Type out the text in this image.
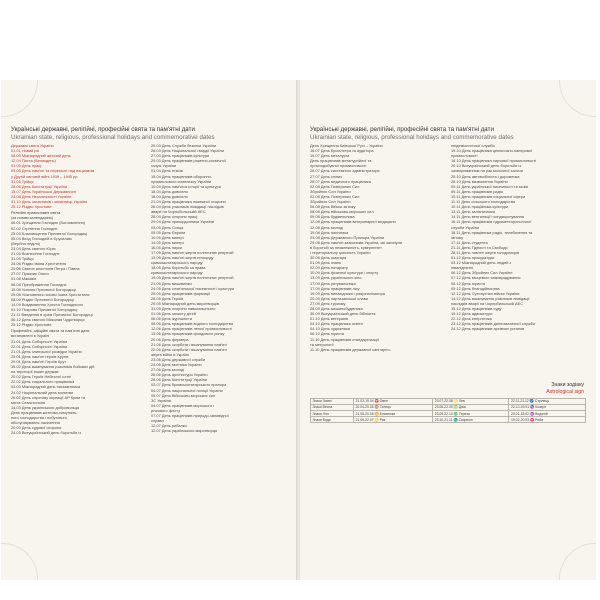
Українські державні, релігійні, професійні свята та пам'ятні дати
Ukrainian state, religious, professional holidays and commemorative dates
Державні свята України
01.01 Новий рік
08.03 Міжнародний жіночий день
12.04 Пасха (Великдень)
01.05 День праці
09.05 День пам'яті та перемоги над нацизмом
у Другій світовій війні 1939 – 1945 рр.
31.05 Трійця
28.06 День Конституції України
15.07 День Української Державності
24.08 День Незалежності України
01.10 День захисників і захисниць України
25.12 Різдво Христове
Релігійні православні свята
(за новим календарем)
06.01 Хрещення Господнє (Богоявлення)
02.02 Стрітення Господнє
25.03 Благовіщення Пресвятої Богородиці
05.04 Вход Господній в Єрусалим
(Вербна неділя)
23.04 День святого Юрія
21.05 Вознесіння Господнє
31.05 Трійця
24.06 Різдво Івана Хрестителя
29.06 Святих апостолів Петра і Павла
27.07 Празник Ольги
01.08 Маковія
06.08 Преображення Господнє
15.08 Успіння Пресвятої Богородиці
29.08 Усікновення голови Іоана Хрестителя
08.09 Різдво Пресвятої Богородиці
14.09 Воздвиження Хреста Господнього
01.10 Покрова Пресвятої Богородиці
21.11 Введення в храм Пресвятої Богородиці
06.12 День святого Миколая Чудотворця
25.12 Різдво Христове
Професійні, офіційні свята та пам'ятні дати,
встановлені в Україні
21.01 День Соборності України
22.01 День Соборності України
21.01 День злиношхої розвідки України
29.01 День пам'яті героїв Крутів
29.01 День пам'яті Героїв Крут
15.02 День вшанування учасників бойових дій
на території інших держав
20.02 День Героїв Небесної сотні
22.02 День соціального працівника
03.03 Міжнародний день письменника
24.02 Національний день молитви
26.02 День спротиву окупації АР Крим та
міста Севастополя
14.03 День українського добровольця
День працівників житлово-комуналь-
ного господарства і побутового
обслуговування населення
20.03 День судової охорони
24.03 Всеукраїнський день боротьби із
25.03 День Служби безпеки України
26.03 День Національної гвардії України
27.03 День працівників культури
29.03 День працівників ракетно-космічної
галузі України
01.04 День птахів
15.04 День працівників оборонно-
промислового комплексу України
10.04 День пам'яток історії та культури
18.04 День довкілля
18.04 День довкілля
21.04 День працівника пожежної охорони
26.04 День учасників ліквідації наслідків
аварії на Чорнобильській АЕС
28.04 День охорони праці
29.04 День прикордонника України
03.05 День Сонця
05.05 День Європи
10.05 День матері
14.05 День матері
16.05 День науки
17.05 День пам'яті жертв політичних репресій
13.05 День пам'яті жертв геноциду
кримськотатарського народу
18.05 День боротьби за права
кримськотатарського народу
19.05 День пам'яті жертв політичних репресій
21.05 День вишиванки
24.05 День слов'янської писемності і культури
25.05 День працівників фармації
28.05 День Героїв
29.05 Міжнародний день миротворців
31.05 День охорони навколишнього
01.06 День захисту дітей
06.06 День журналіста
08.06 День працівників водного господарства
12.06 День працівників легкої промисловості
13.06 День працівників фондового ринку
20.06 День фермера
21.06 День скорботи і вшанування пам'яті
22.06 День скорботи і вшанування пам'яті
жертв війни в Україні
23.06 День державної служби
24.06 День митника України
27.06 День молоді
28.06 День архітектури України
28.06 День Конституції України
03.07 День Кримськотатарського прапора
04.07 День національної поліції України
05.07 День Військово-морських сил
ЗС України
04.07 День працівників морського і
річкового флоту
07.07 День працівників природо-заповідної
справи
12.07 День рибалки
12.07 День українського миротворця
Українські державні, релігійні, професійні свята та пам'ятні дати
Ukrainian state, religious, professional holidays and commemorative dates
День Хрещення Київської Русі – України
16.07 День бухгалтера та аудитора
19.07 День металурга
День працівників металургійної та
гірничодобувної промисловості
26.07 День системного адміністратора
27.07 День сліпих
28.07 День медичного працівника
02.08 День Повітряних Сил
Збройних Сил України
02.08 День Повітряних Сил
Збройних Сил України
06.08 День Військ зв'язку
08.08 День військово-морських сил
09.08 День будівельника
12.08 День працівників ветеринарної медицини
12.08 День молоді
19.08 День пасічника
23.08 День Державного Прапора України
29.08 День пам'яті захисників України, які загинули
в боротьбі за незалежність, суверенітет
і територіальну цілісність України
30.08 День шахтаря
01.09 День знань
02.09 День нотаріату
10.09 День фізичної культури і спорту
13.09 День українського кіно
17.09 День рятувальника
17.09 День працівників лісу
19.09 День винахідника і раціоналізатора
20.09 День партизанської слави
27.09 День туризму
28.09 День машинобудівника
30.09 Всеукраїнський день бібліотек
01.10 День ветеранів
04.10 День працівника освіти
04.10 День художника
06.10 День юриста
11.10 День працівників стандартизації
та метрології
11.10 День працівників державної санітарно-
епідеміологічної служби
19.10 День працівника целюлозно-паперової
промисловості
18.10 День працівника харчової промисловості
20.10 Всеукраїнський день боротьби із
захворюванням на рак молочної залози
25.10 День автомобіліста і дорожника
28.10 День визволення України
09.11 День української писемності та мови
09.11 День працівників радіо
10.11 День працівників соціальної сфери
11.11 День сільського господарства
10.11 День працівника культури
13.11 День залізничника
14.11 День вентиляції і кондиціонування
16.11 День працівників гідрометеорологічної
служби України
16.11 День працівника радіо, телебачення та
зв'язку
17.11 День студента
21.11 День Гідності та Свободи
28.11 День пам'яті жертв голодоморів
01.12 День прокуратури
03.12 Міжнародний день людей з
інвалідністю
06.12 День Збройних Сил України
07.12 День місцевого самоврядування
08.12 День юриста
09.12 День благодійництва
12.12 День Сухопутних військ України
14.12 День вшанування учасників ліквідації
наслідків аварії на Чорнобильській АЕС
15.12 День працівників суду
19.12 День адвокатури
22.12 День енергетика
23.12 День працівників дипломатичної служби
24.12 День працівників архівних установ
Знаки зодіаку
Astrological sign
Знаки Зимні	21.03-19.04 ♈ Овен	23.07-22.08 ♌ Лев	22.11-21.12 ♐ Стрілець
Знаки Весна	20.04-20.05 ♉ Телець	23.08-22.09 ♍ Діва	22.12-19.01 ♑ Козеріг
Знаки Літо	21.05-20.06 ♊ Близнюки	23.09-22.10 ♎ Терези	20.01-18.02 ♒ Водолій
Знаки Вода	21.06-22.07 ♋ Рак	23.10-21.11 ♏ Скорпіон	19.02-20.03 ♓ Риби
